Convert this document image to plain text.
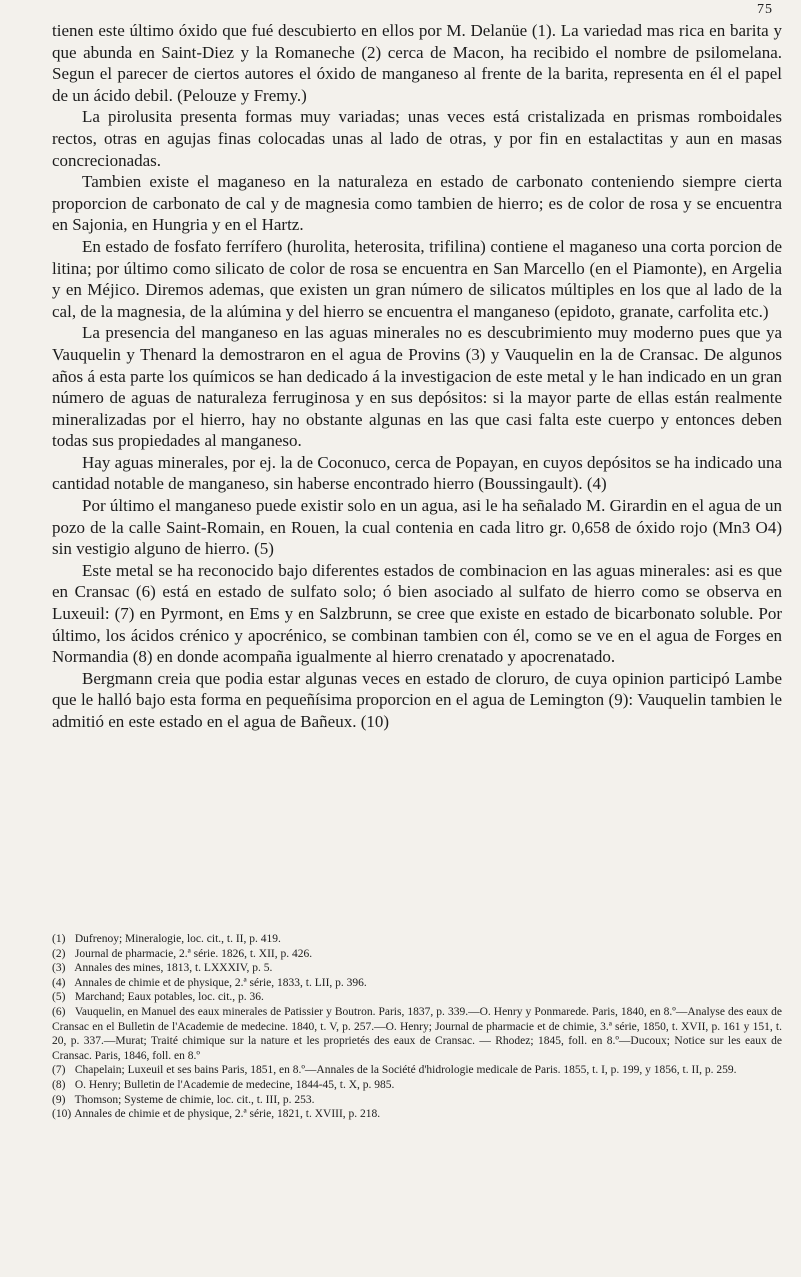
75

tienen este último óxido que fué descubierto en ellos por M. Delanüe (1). La variedad mas rica en barita y que abunda en Saint-Diez y la Romaneche (2) cerca de Macon, ha recibido el nombre de psilomelana. Segun el parecer de ciertos autores el óxido de manganeso al frente de la barita, representa en él el papel de un ácido debil. (Pelouze y Fremy.)

La pirolusita presenta formas muy variadas; unas veces está cristalizada en prismas romboidales rectos, otras en agujas finas colocadas unas al lado de otras, y por fin en estalactitas y aun en masas concrecionadas.

Tambien existe el maganeso en la naturaleza en estado de carbonato conteniendo siempre cierta proporcion de carbonato de cal y de magnesia como tambien de hierro; es de color de rosa y se encuentra en Sajonia, en Hungria y en el Hartz.

En estado de fosfato ferrífero (hurolita, heterosita, trifilina) contiene el maganeso una corta porcion de litina; por último como silicato de color de rosa se encuentra en San Marcello (en el Piamonte), en Argelia y en Méjico. Diremos ademas, que existen un gran número de silicatos múltiples en los que al lado de la cal, de la magnesia, de la alúmina y del hierro se encuentra el manganeso (epidoto, granate, carfolita etc.)

La presencia del manganeso en las aguas minerales no es descubrimiento muy moderno pues que ya Vauquelin y Thenard la demostraron en el agua de Provins (3) y Vauquelin en la de Cransac. De algunos años á esta parte los químicos se han dedicado á la investigacion de este metal y le han indicado en un gran número de aguas de naturaleza ferruginosa y en sus depósitos: si la mayor parte de ellas están realmente mineralizadas por el hierro, hay no obstante algunas en las que casi falta este cuerpo y entonces deben todas sus propiedades al manganeso.

Hay aguas minerales, por ej. la de Coconuco, cerca de Popayan, en cuyos depósitos se ha indicado una cantidad notable de manganeso, sin haberse encontrado hierro (Boussingault). (4)

Por último el manganeso puede existir solo en un agua, asi le ha señalado M. Girardin en el agua de un pozo de la calle Saint-Romain, en Rouen, la cual contenia en cada litro gr. 0,658 de óxido rojo (Mn3 O4) sin vestigio alguno de hierro. (5)

Este metal se ha reconocido bajo diferentes estados de combinacion en las aguas minerales: asi es que en Cransac (6) está en estado de sulfato solo; ó bien asociado al sulfato de hierro como se observa en Luxeuil: (7) en Pyrmont, en Ems y en Salzbrunn, se cree que existe en estado de bicarbonato soluble. Por último, los ácidos crénico y apocrénico, se combinan tambien con él, como se ve en el agua de Forges en Normandia (8) en donde acompaña igualmente al hierro crenatado y apocrenatado.

Bergmann creia que podia estar algunas veces en estado de cloruro, de cuya opinion participó Lambe que le halló bajo esta forma en pequeñísima proporcion en el agua de Lemington (9): Vauquelin tambien le admitió en este estado en el agua de Bañeux. (10)

(1) Dufrenoy; Mineralogie, loc. cit., t. II, p. 419.

(2) Journal de pharmacie, 2.ª série. 1826, t. XII, p. 426.

(3) Annales des mines, 1813, t. LXXXIV, p. 5.

(4) Annales de chimie et de physique, 2.ª série, 1833, t. LII, p. 396.

(5) Marchand; Eaux potables, loc. cit., p. 36.

(6) Vauquelin, en Manuel des eaux minerales de Patissier y Boutron. Paris, 1837, p. 339.—O. Henry y Ponmarede. Paris, 1840, en 8.º—Analyse des eaux de Cransac en el Bulletin de l'Academie de medecine. 1840, t. V, p. 257.—O. Henry; Journal de pharmacie et de chimie, 3.ª série, 1850, t. XVII, p. 161 y 151, t. 20, p. 337.—Murat; Traité chimique sur la nature et les proprietés des eaux de Cransac. — Rhodez; 1845, foll. en 8.º—Ducoux; Notice sur les eaux de Cransac. Paris, 1846, foll. en 8.º

(7) Chapelain; Luxeuil et ses bains Paris, 1851, en 8.º—Annales de la Société d'hidrologie medicale de Paris. 1855, t. I, p. 199, y 1856, t. II, p. 259.

(8) O. Henry; Bulletin de l'Academie de medecine, 1844-45, t. X, p. 985.

(9) Thomson; Systeme de chimie, loc. cit., t. III, p. 253.

(10) Annales de chimie et de physique, 2.ª série, 1821, t. XVIII, p. 218.
